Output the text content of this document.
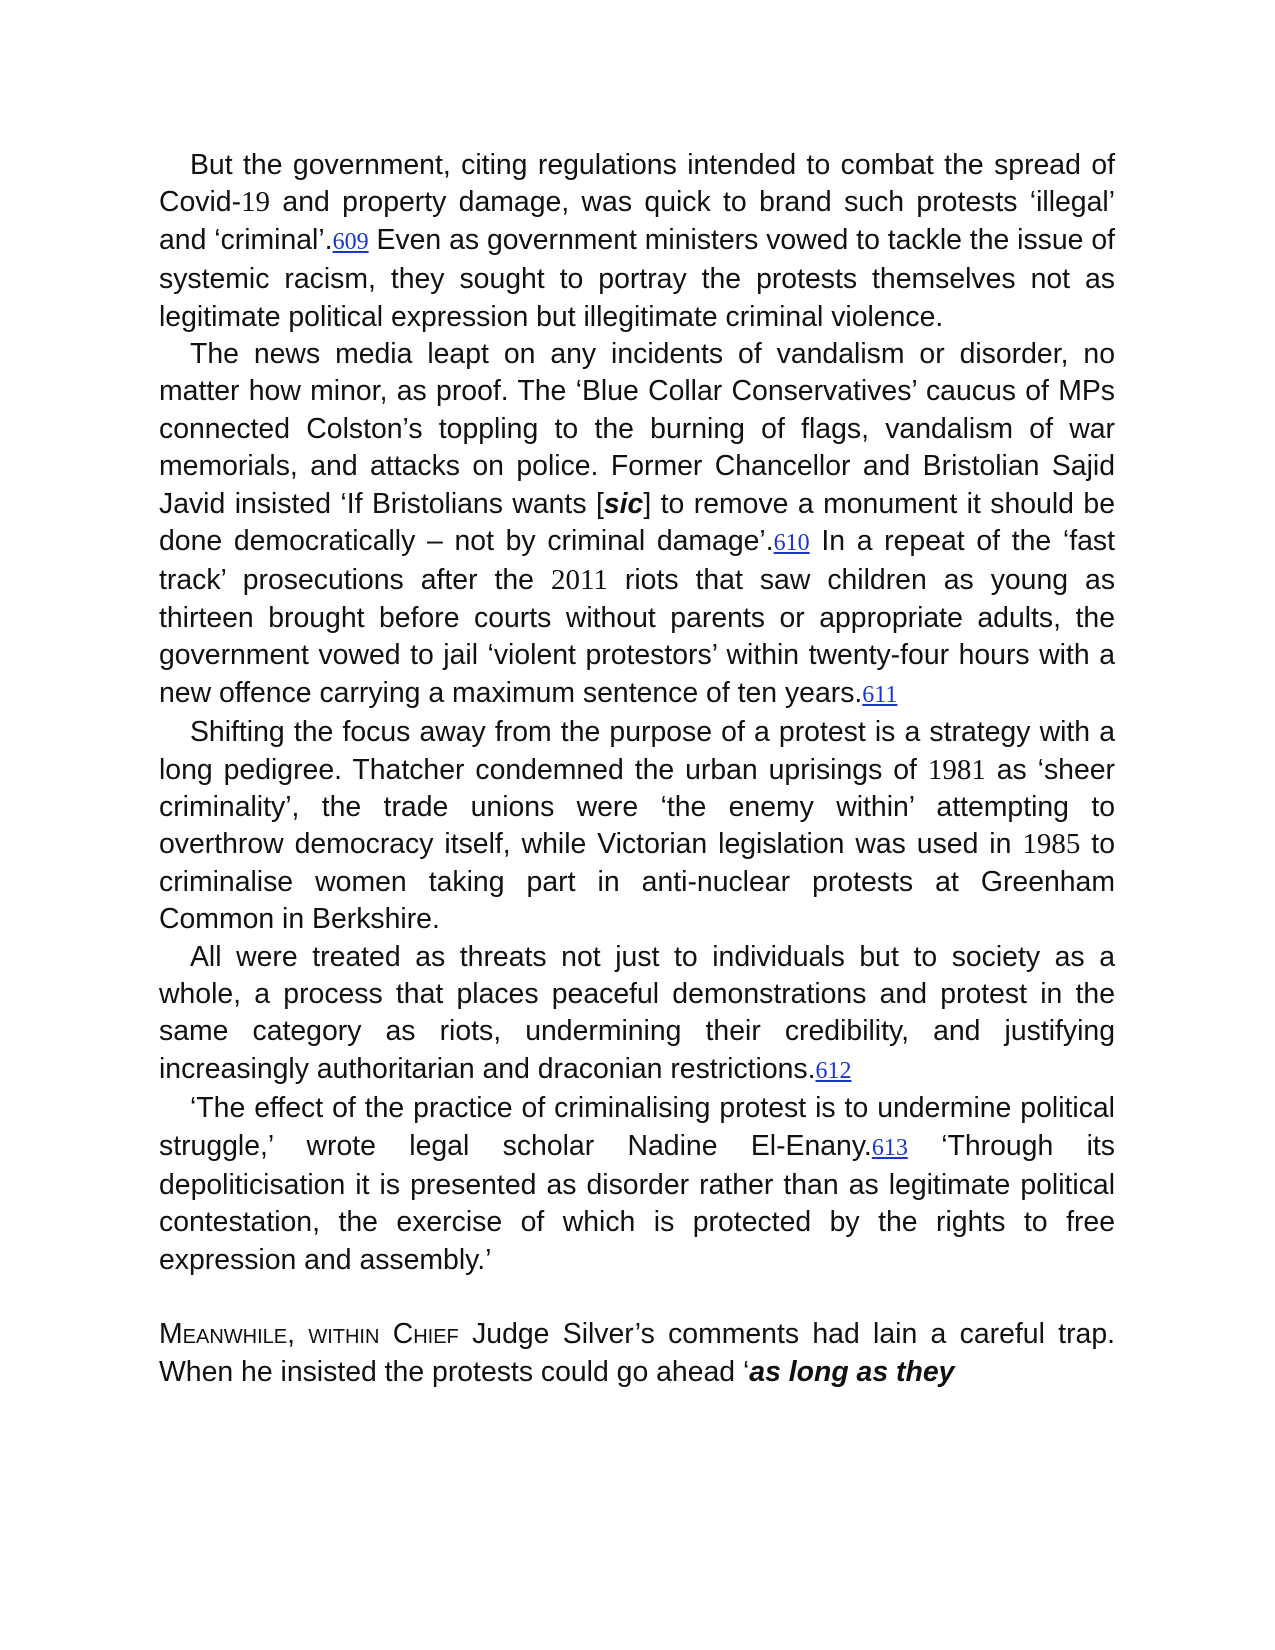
But the government, citing regulations intended to combat the spread of Covid-19 and property damage, was quick to brand such protests ‘illegal’ and ‘criminal’.609 Even as government ministers vowed to tackle the issue of systemic racism, they sought to portray the protests themselves not as legitimate political expression but illegitimate criminal violence.

The news media leapt on any incidents of vandalism or disorder, no matter how minor, as proof. The ‘Blue Collar Conservatives’ caucus of MPs connected Colston’s toppling to the burning of flags, vandalism of war memorials, and attacks on police. Former Chancellor and Bristolian Sajid Javid insisted ‘If Bristolians wants [sic] to remove a monument it should be done democratically – not by criminal damage’.610 In a repeat of the ‘fast track’ prosecutions after the 2011 riots that saw children as young as thirteen brought before courts without parents or appropriate adults, the government vowed to jail ‘violent protestors’ within twenty-four hours with a new offence carrying a maximum sentence of ten years.611

Shifting the focus away from the purpose of a protest is a strategy with a long pedigree. Thatcher condemned the urban uprisings of 1981 as ‘sheer criminality’, the trade unions were ‘the enemy within’ attempting to overthrow democracy itself, while Victorian legislation was used in 1985 to criminalise women taking part in anti-nuclear protests at Greenham Common in Berkshire.

All were treated as threats not just to individuals but to society as a whole, a process that places peaceful demonstrations and protest in the same category as riots, undermining their credibility, and justifying increasingly authoritarian and draconian restrictions.612

‘The effect of the practice of criminalising protest is to undermine political struggle,’ wrote legal scholar Nadine El-Enany.613 ‘Through its depoliticisation it is presented as disorder rather than as legitimate political contestation, the exercise of which is protected by the rights to free expression and assembly.’

Meanwhile, within Chief Judge Silver’s comments had lain a careful trap. When he insisted the protests could go ahead ‘as long as they
